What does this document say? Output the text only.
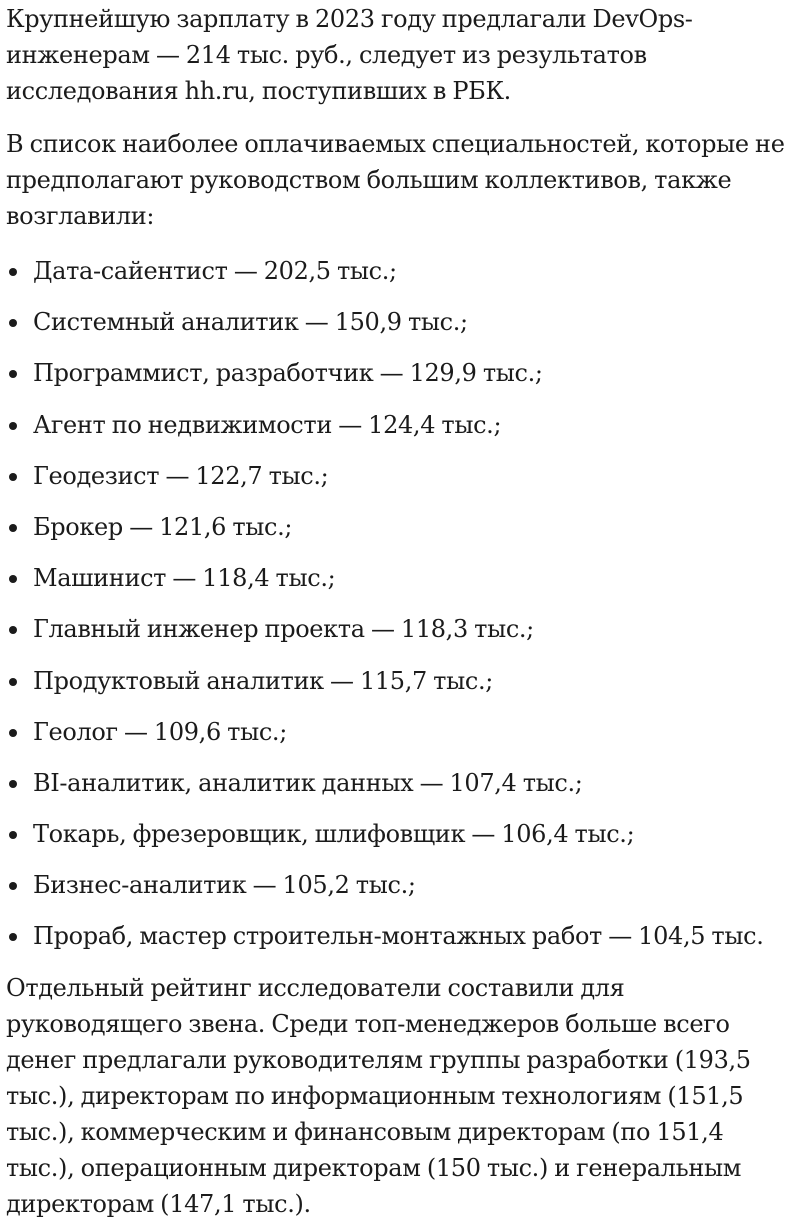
Крупнейшую зарплату в 2023 году предлагали DevOps-инженерам — 214 тыс. руб., следует из результатов исследования hh.ru, поступивших в РБК.

В список наиболее оплачиваемых специальностей, которые не предполагают руководством большим коллективов, также возглавили:

Дата-сайентист — 202,5 тыс.;
Системный аналитик — 150,9 тыс.;
Программист, разработчик — 129,9 тыс.;
Агент по недвижимости — 124,4 тыс.;
Геодезист — 122,7 тыс.;
Брокер — 121,6 тыс.;
Машинист — 118,4 тыс.;
Главный инженер проекта — 118,3 тыс.;
Продуктовый аналитик — 115,7 тыс.;
Геолог — 109,6 тыс.;
BI-аналитик, аналитик данных — 107,4 тыс.;
Токарь, фрезеровщик, шлифовщик — 106,4 тыс.;
Бизнес-аналитик — 105,2 тыс.;
Прораб, мастер строительн-монтажных работ — 104,5 тыс.

Отдельный рейтинг исследователи составили для руководящего звена. Среди топ-менеджеров больше всего денег предлагали руководителям группы разработки (193,5 тыс.), директорам по информационным технологиям (151,5 тыс.), коммерческим и финансовым директорам (по 151,4 тыс.), операционным директорам (150 тыс.) и генеральным директорам (147,1 тыс.).
